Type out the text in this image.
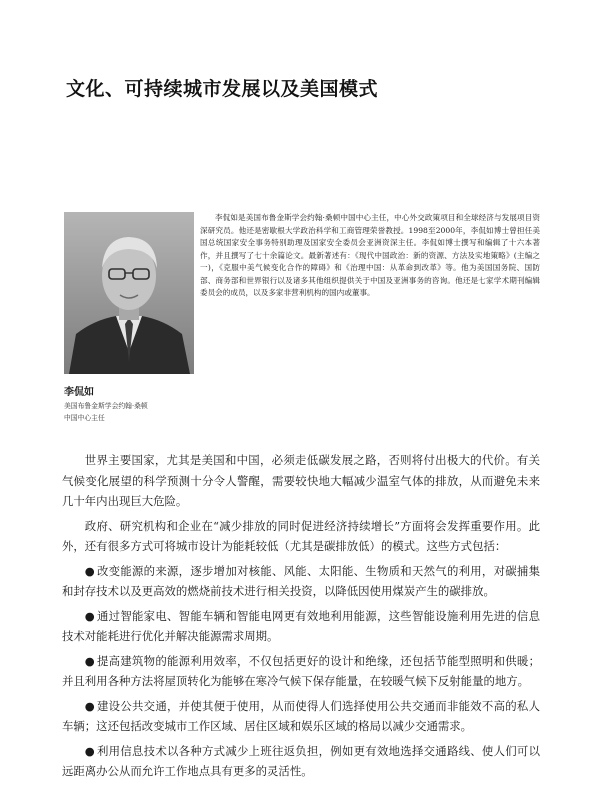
文化、可持续城市发展以及美国模式
李侃如是美国布鲁金斯学会约翰·桑顿中国中心主任，中心外交政策项目和全球经济与发展项目资深研究员。他还是密歇根大学政治科学和工商管理荣誉教授。1998至2000年，李侃如博士曾担任美国总统国家安全事务特别助理及国家安全委员会亚洲资深主任。李侃如博士撰写和编辑了十六本著作，并且撰写了七十余篇论文。最新著述有：《现代中国政治：新的资源、方法及实地策略》(主编之一)，《克服中美气候变化合作的障碍》和《治理中国：从革命到改革》等。他为美国国务院、国防部、商务部和世界银行以及诸多其他组织提供关于中国及亚洲事务的咨询。他还是七家学术期刊编辑委员会的成员，以及多家非营利机构的国内或董事。
李侃如
美国布鲁金斯学会约翰·桑顿
中国中心主任

世界主要国家，尤其是美国和中国，必须走低碳发展之路，否则将付出极大的代价。有关气候变化展望的科学预测十分令人警醒，需要较快地大幅减少温室气体的排放，从而避免未来几十年内出现巨大危险。

政府、研究机构和企业在“减少排放的同时促进经济持续增长”方面将会发挥重要作用。此外，还有很多方式可将城市设计为能耗较低（尤其是碳排放低）的模式。这些方式包括：

● 改变能源的来源，逐步增加对核能、风能、太阳能、生物质和天然气的利用，对碳捕集和封存技术以及更高效的燃烧前技术进行相关投资，以降低因使用煤炭产生的碳排放。

● 通过智能家电、智能车辆和智能电网更有效地利用能源，这些智能设施利用先进的信息技术对能耗进行优化并解决能源需求周期。

● 提高建筑物的能源利用效率，不仅包括更好的设计和绝缘，还包括节能型照明和供暖；并且利用各种方法将屋顶转化为能够在寒冷气候下保存能量，在较暖气候下反射能量的地方。

● 建设公共交通，并使其便于使用，从而使得人们选择使用公共交通而非能效不高的私人车辆；这还包括改变城市工作区域、居住区域和娱乐区域的格局以减少交通需求。

● 利用信息技术以各种方式减少上班往返负担，例如更有效地选择交通路线、使人们可以远距离办公从而允许工作地点具有更多的灵活性。
